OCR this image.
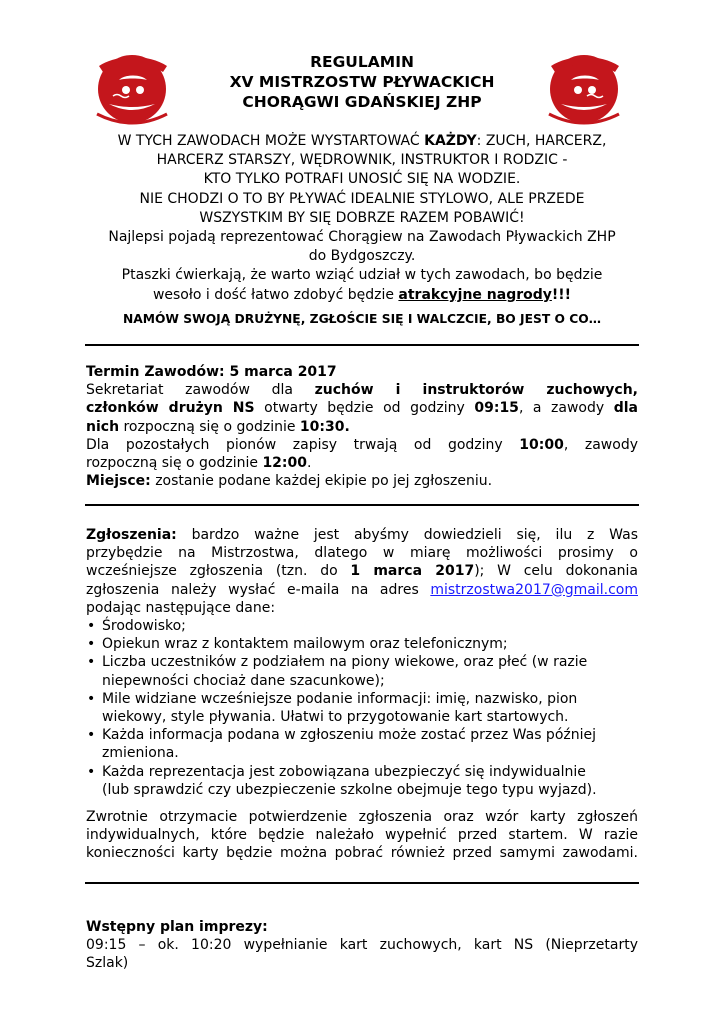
REGULAMIN
XV MISTRZOSTW PŁYWACKICH
CHORĄGWI GDAŃSKIEJ ZHP
W TYCH ZAWODACH MOŻE WYSTARTOWAĆ KAŻDY: ZUCH, HARCERZ,
HARCERZ STARSZY, WĘDROWNIK, INSTRUKTOR I RODZIC -
KTO TYLKO POTRAFI UNOSIĆ SIĘ NA WODZIE.
NIE CHODZI O TO BY PŁYWAĆ IDEALNIE STYLOWO, ALE PRZEDE
WSZYSTKIM BY SIĘ DOBRZE RAZEM POBAWIĆ!
Najlepsi pojadą reprezentować Chorągiew na Zawodach Pływackich ZHP
do Bydgoszczy.
Ptaszki ćwierkają, że warto wziąć udział w tych zawodach, bo będzie
wesoło i dość łatwo zdobyć będzie atrakcyjne nagrody!!!
NAMÓW SWOJĄ DRUŻYNĘ, ZGŁOŚCIE SIĘ I WALCZCIE, BO JEST O CO…
Termin Zawodów: 5 marca 2017
Sekretariat zawodów dla zuchów i instruktorów zuchowych,
członków drużyn NS otwarty będzie od godziny 09:15, a zawody dla
nich rozpoczną się o godzinie 10:30.
Dla pozostałych pionów zapisy trwają od godziny 10:00, zawody
rozpoczną się o godzinie 12:00.
Miejsce: zostanie podane każdej ekipie po jej zgłoszeniu.
Zgłoszenia: bardzo ważne jest abyśmy dowiedzieli się, ilu z Was
przybędzie na Mistrzostwa, dlatego w miarę możliwości prosimy o
wcześniejsze zgłoszenia (tzn. do 1 marca 2017); W celu dokonania
zgłoszenia należy wysłać e-maila na adres mistrzostwa2017@gmail.com
podając następujące dane:
• Środowisko;
• Opiekun wraz z kontaktem mailowym oraz telefonicznym;
• Liczba uczestników z podziałem na piony wiekowe, oraz płeć (w razie
niepewności chociaż dane szacunkowe);
• Mile widziane wcześniejsze podanie informacji: imię, nazwisko, pion
wiekowy, style pływania. Ułatwi to przygotowanie kart startowych.
• Każda informacja podana w zgłoszeniu może zostać przez Was później
zmieniona.
• Każda reprezentacja jest zobowiązana ubezpieczyć się indywidualnie
(lub sprawdzić czy ubezpieczenie szkolne obejmuje tego typu wyjazd).
Zwrotnie otrzymacie potwierdzenie zgłoszenia oraz wzór karty zgłoszeń
indywidualnych, które będzie należało wypełnić przed startem. W razie
konieczności karty będzie można pobrać również przed samymi zawodami.
Wstępny plan imprezy:
09:15 – ok. 10:20 wypełnianie kart zuchowych, kart NS (Nieprzetarty
Szlak)
